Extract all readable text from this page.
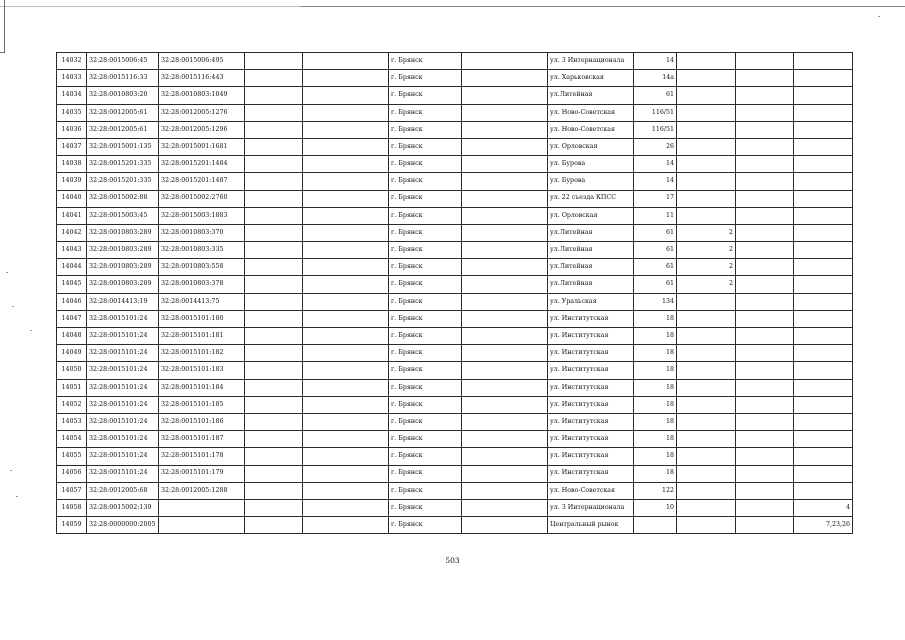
14032	32:28:0015006:45	32:28:0015006:495			г. Брянск		ул. 3 Интернационала	14			
14033	32:28:0015116:33	32:28:0015116:443			г. Брянск		ул. Харьковская	14а			
14034	32:28:0010803:20	32:28:0010803:1049			г. Брянск		ул.Литейная	61			
14035	32:28:0012005:61	32:28:0012005:1276			г. Брянск		ул. Ново-Советская	116/51			
14036	32:28:0012005:61	32:28:0012005:1296			г. Брянск		ул. Ново-Советская	116/51			
14037	32:28:0015001:135	32:28:0015001:1681			г. Брянск		ул. Орловская	26			
14038	32:28:0015201:335	32:28:0015201:1484			г. Брянск		ул. Бурова	14			
14039	32:28:0015201:335	32:28:0015201:1487			г. Брянск		ул. Бурова	14			
14040	32:28:0015002:88	32:28:0015002:2760			г. Брянск		ул. 22 съезда КПСС	17			
14041	32:28:0015003:45	32:28:0015003:1883			г. Брянск		ул. Орловская	11			
14042	32:28:0010803:289	32:28:0010803:370			г. Брянск		ул.Литейная	61	2		
14043	32:28:0010803:289	32:28:0010803:335			г. Брянск		ул.Литейная	61	2		
14044	32:28:0010803:289	32:28:0010803:558			г. Брянск		ул.Литейная	61	2		
14045	32:28:0010803:289	32:28:0010803:378			г. Брянск		ул.Литейная	61	2		
14046	32:28:0014413:19	32:28:0014413:75			г. Брянск		ул. Уральская	134			
14047	32:28:0015101:24	32:28:0015101:180			г. Брянск		ул. Институтская	18			
14048	32:28:0015101:24	32:28:0015101:181			г. Брянск		ул. Институтская	18			
14049	32:28:0015101:24	32:28:0015101:182			г. Брянск		ул. Институтская	18			
14050	32:28:0015101:24	32:28:0015101:183			г. Брянск		ул. Институтская	18			
14051	32:28:0015101:24	32:28:0015101:184			г. Брянск		ул. Институтская	18			
14052	32:28:0015101:24	32:28:0015101:185			г. Брянск		ул. Институтская	18			
14053	32:28:0015101:24	32:28:0015101:186			г. Брянск		ул. Институтская	18			
14054	32:28:0015101:24	32:28:0015101:187			г. Брянск		ул. Институтская	18			
14055	32:28:0015101:24	32:28:0015101:178			г. Брянск		ул. Институтская	18			
14056	32:28:0015101:24	32:28:0015101:179			г. Брянск		ул. Институтская	18			
14057	32:28:0012005:68	32:28:0012005:1288			г. Брянск		ул. Ново-Советская	122			
14058	32:28:0015002:139				г. Брянск		ул. 3 Интернационала	10			4
14059	32:28:0000000:2005				г. Брянск		Центральный рынок				7,23,26
503
